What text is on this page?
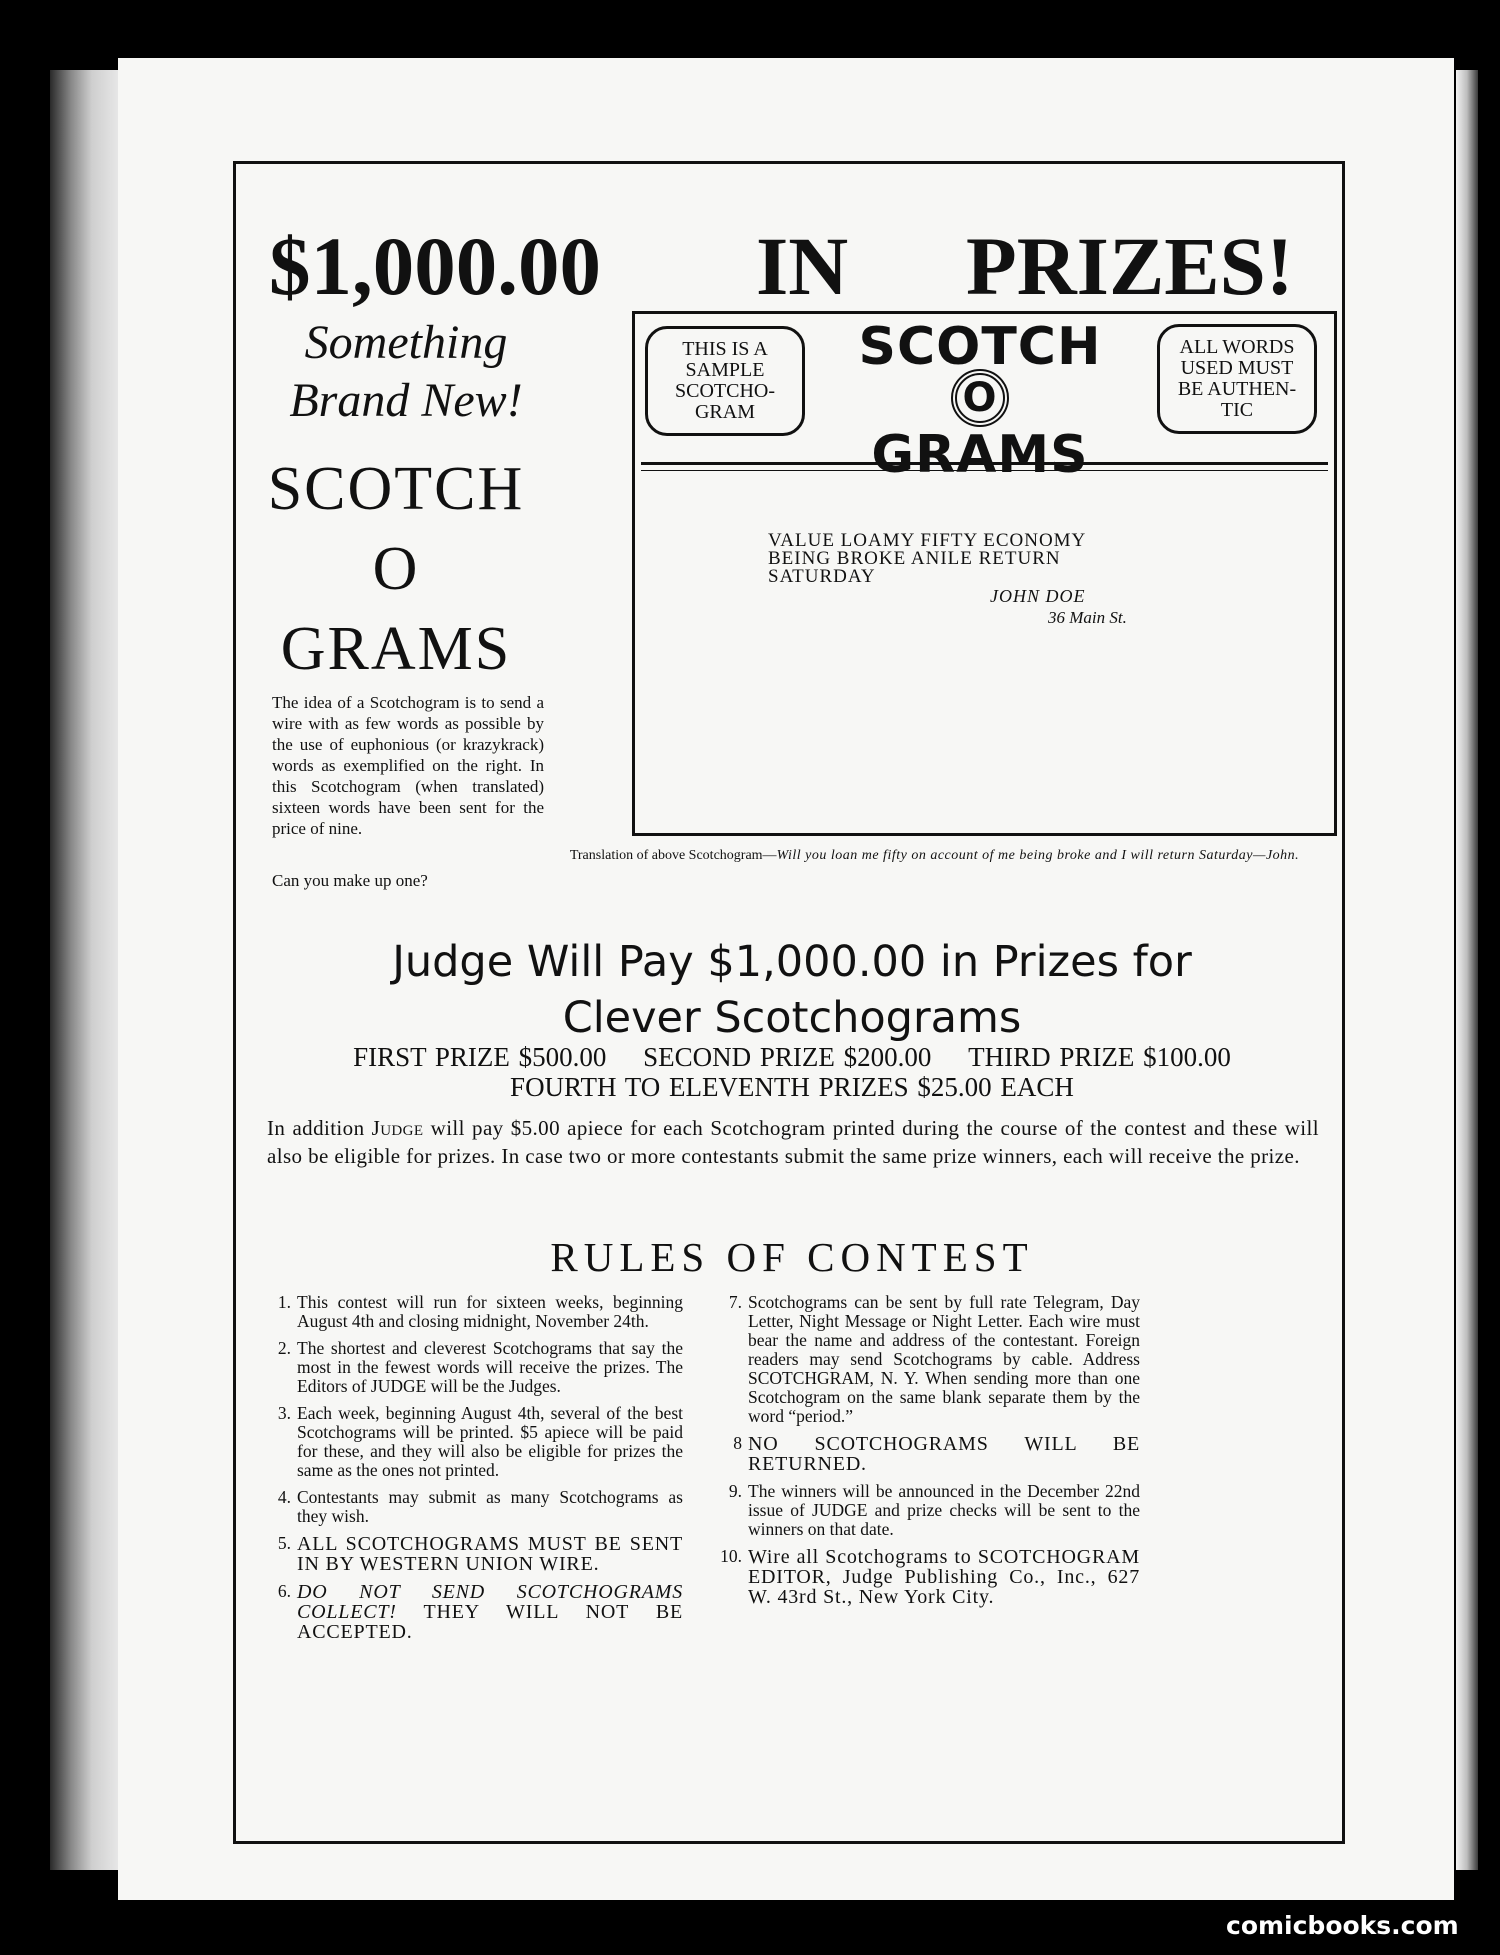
$1,000.00 IN PRIZES!
Something
Brand New!
SCOTCH
O
GRAMS
The idea of a Scotchogram is to send a wire with as few words as possible by the use of euphonious (or krazykrack) words as exemplified on the right. In this Scotchogram (when translated) sixteen words have been sent for the price of nine.
Can you make up one?
THIS IS A SAMPLE SCOTCHO-GRAM
SCOTCH
O
GRAMS
ALL WORDS USED MUST BE AUTHEN-TIC
VALUE LOAMY FIFTY ECONOMY
BEING BROKE ANILE RETURN
SATURDAY
JOHN DOE
36 Main St.
Translation of above Scotchogram—Will you loan me fifty on account of me being broke and I will return Saturday—John.
Judge Will Pay $1,000.00 in Prizes for
Clever Scotchograms
FIRST PRIZE $500.00 SECOND PRIZE $200.00 THIRD PRIZE $100.00
FOURTH TO ELEVENTH PRIZES $25.00 EACH
In addition Judge will pay $5.00 apiece for each Scotchogram printed during the course of the contest and these will also be eligible for prizes. In case two or more contestants submit the same prize winners, each will receive the prize.
RULES OF CONTEST
1. This contest will run for sixteen weeks, beginning August 4th and closing midnight, November 24th.
2. The shortest and cleverest Scotchograms that say the most in the fewest words will receive the prizes. The Editors of JUDGE will be the Judges.
3. Each week, beginning August 4th, several of the best Scotchograms will be printed. $5 apiece will be paid for these, and they will also be eligible for prizes the same as the ones not printed.
4. Contestants may submit as many Scotchograms as they wish.
5. ALL SCOTCHOGRAMS MUST BE SENT IN BY WESTERN UNION WIRE.
6. DO NOT SEND SCOTCHOGRAMS COLLECT! THEY WILL NOT BE ACCEPTED.
7. Scotchograms can be sent by full rate Telegram, Day Letter, Night Message or Night Letter. Each wire must bear the name and address of the contestant. Foreign readers may send Scotchograms by cable. Address SCOTCHGRAM, N. Y. When sending more than one Scotchogram on the same blank separate them by the word “period.”
8 NO SCOTCHOGRAMS WILL BE RETURNED.
9. The winners will be announced in the December 22nd issue of JUDGE and prize checks will be sent to the winners on that date.
10. Wire all Scotchograms to SCOTCHOGRAM EDITOR, Judge Publishing Co., Inc., 627 W. 43rd St., New York City.
comicbooks.com
